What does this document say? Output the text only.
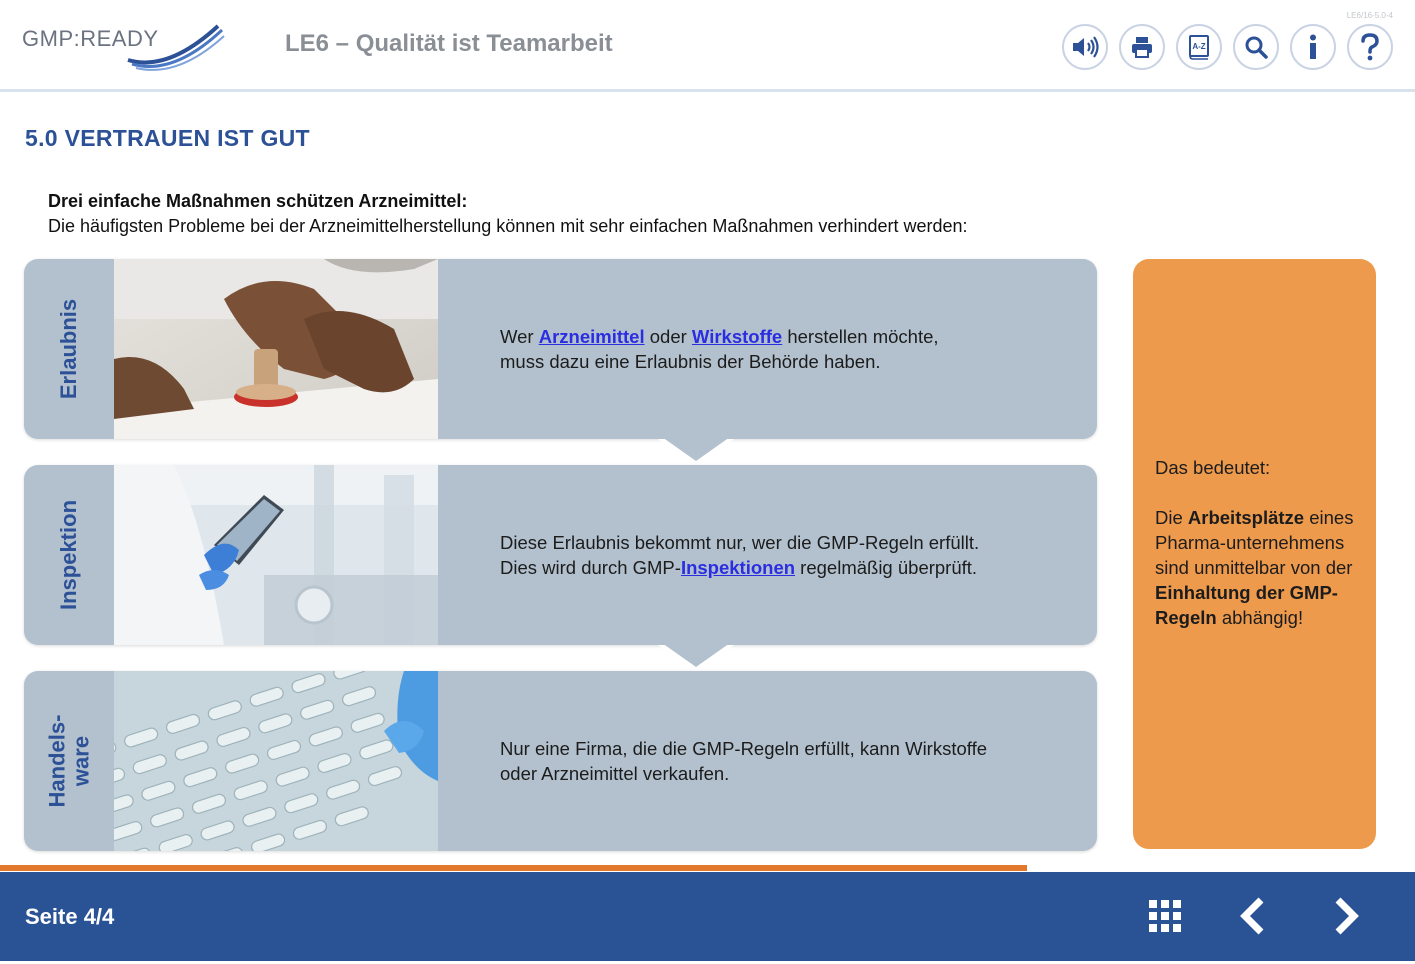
GMP:READY	LE6 – Qualität ist Teamarbeit
LE6/16-5.0-4
A-Z
5.0 VERTRAUEN IST GUT
Drei einfache Maßnahmen schützen Arzneimittel:
Die häufigsten Probleme bei der Arzneimittelherstellung können mit sehr einfachen Maßnahmen verhindert werden:
Erlaubnis	Wer Arzneimittel oder Wirkstoffe herstellen möchte,
muss dazu eine Erlaubnis der Behörde haben.
Inspektion	Diese Erlaubnis bekommt nur, wer die GMP-Regeln erfüllt.
Dies wird durch GMP-Inspektionen regelmäßig überprüft.
Handels-
ware	Nur eine Firma, die die GMP-Regeln erfüllt, kann Wirkstoffe
oder Arzneimittel verkaufen.

Das bedeutet:

Die Arbeitsplätze eines Pharma-unternehmens sind unmittelbar von der Einhaltung der GMP-Regeln abhängig!

Seite 4/4
